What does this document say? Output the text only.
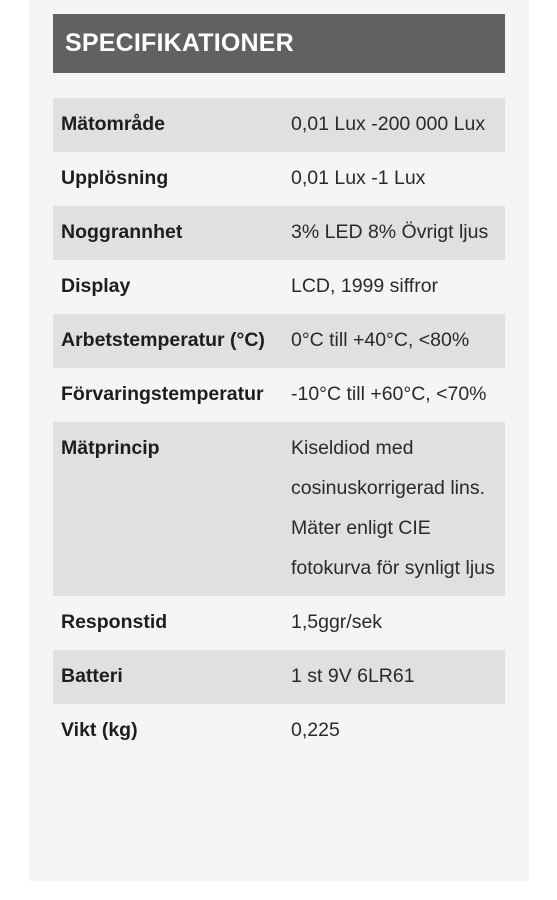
SPECIFIKATIONER
Mätområde	0,01 Lux -200 000 Lux
Upplösning	0,01 Lux -1 Lux
Noggrannhet	3% LED 8% Övrigt ljus
Display	LCD, 1999 siffror
Arbetstemperatur (°C)	0°C till +40°C, <80%
Förvaringstemperatur	-10°C till +60°C, <70%
Mätprincip	Kiseldiod med cosinuskorrigerad lins. Mäter enligt CIE fotokurva för synligt ljus
Responstid	1,5ggr/sek
Batteri	1 st 9V 6LR61
Vikt (kg)	0,225
